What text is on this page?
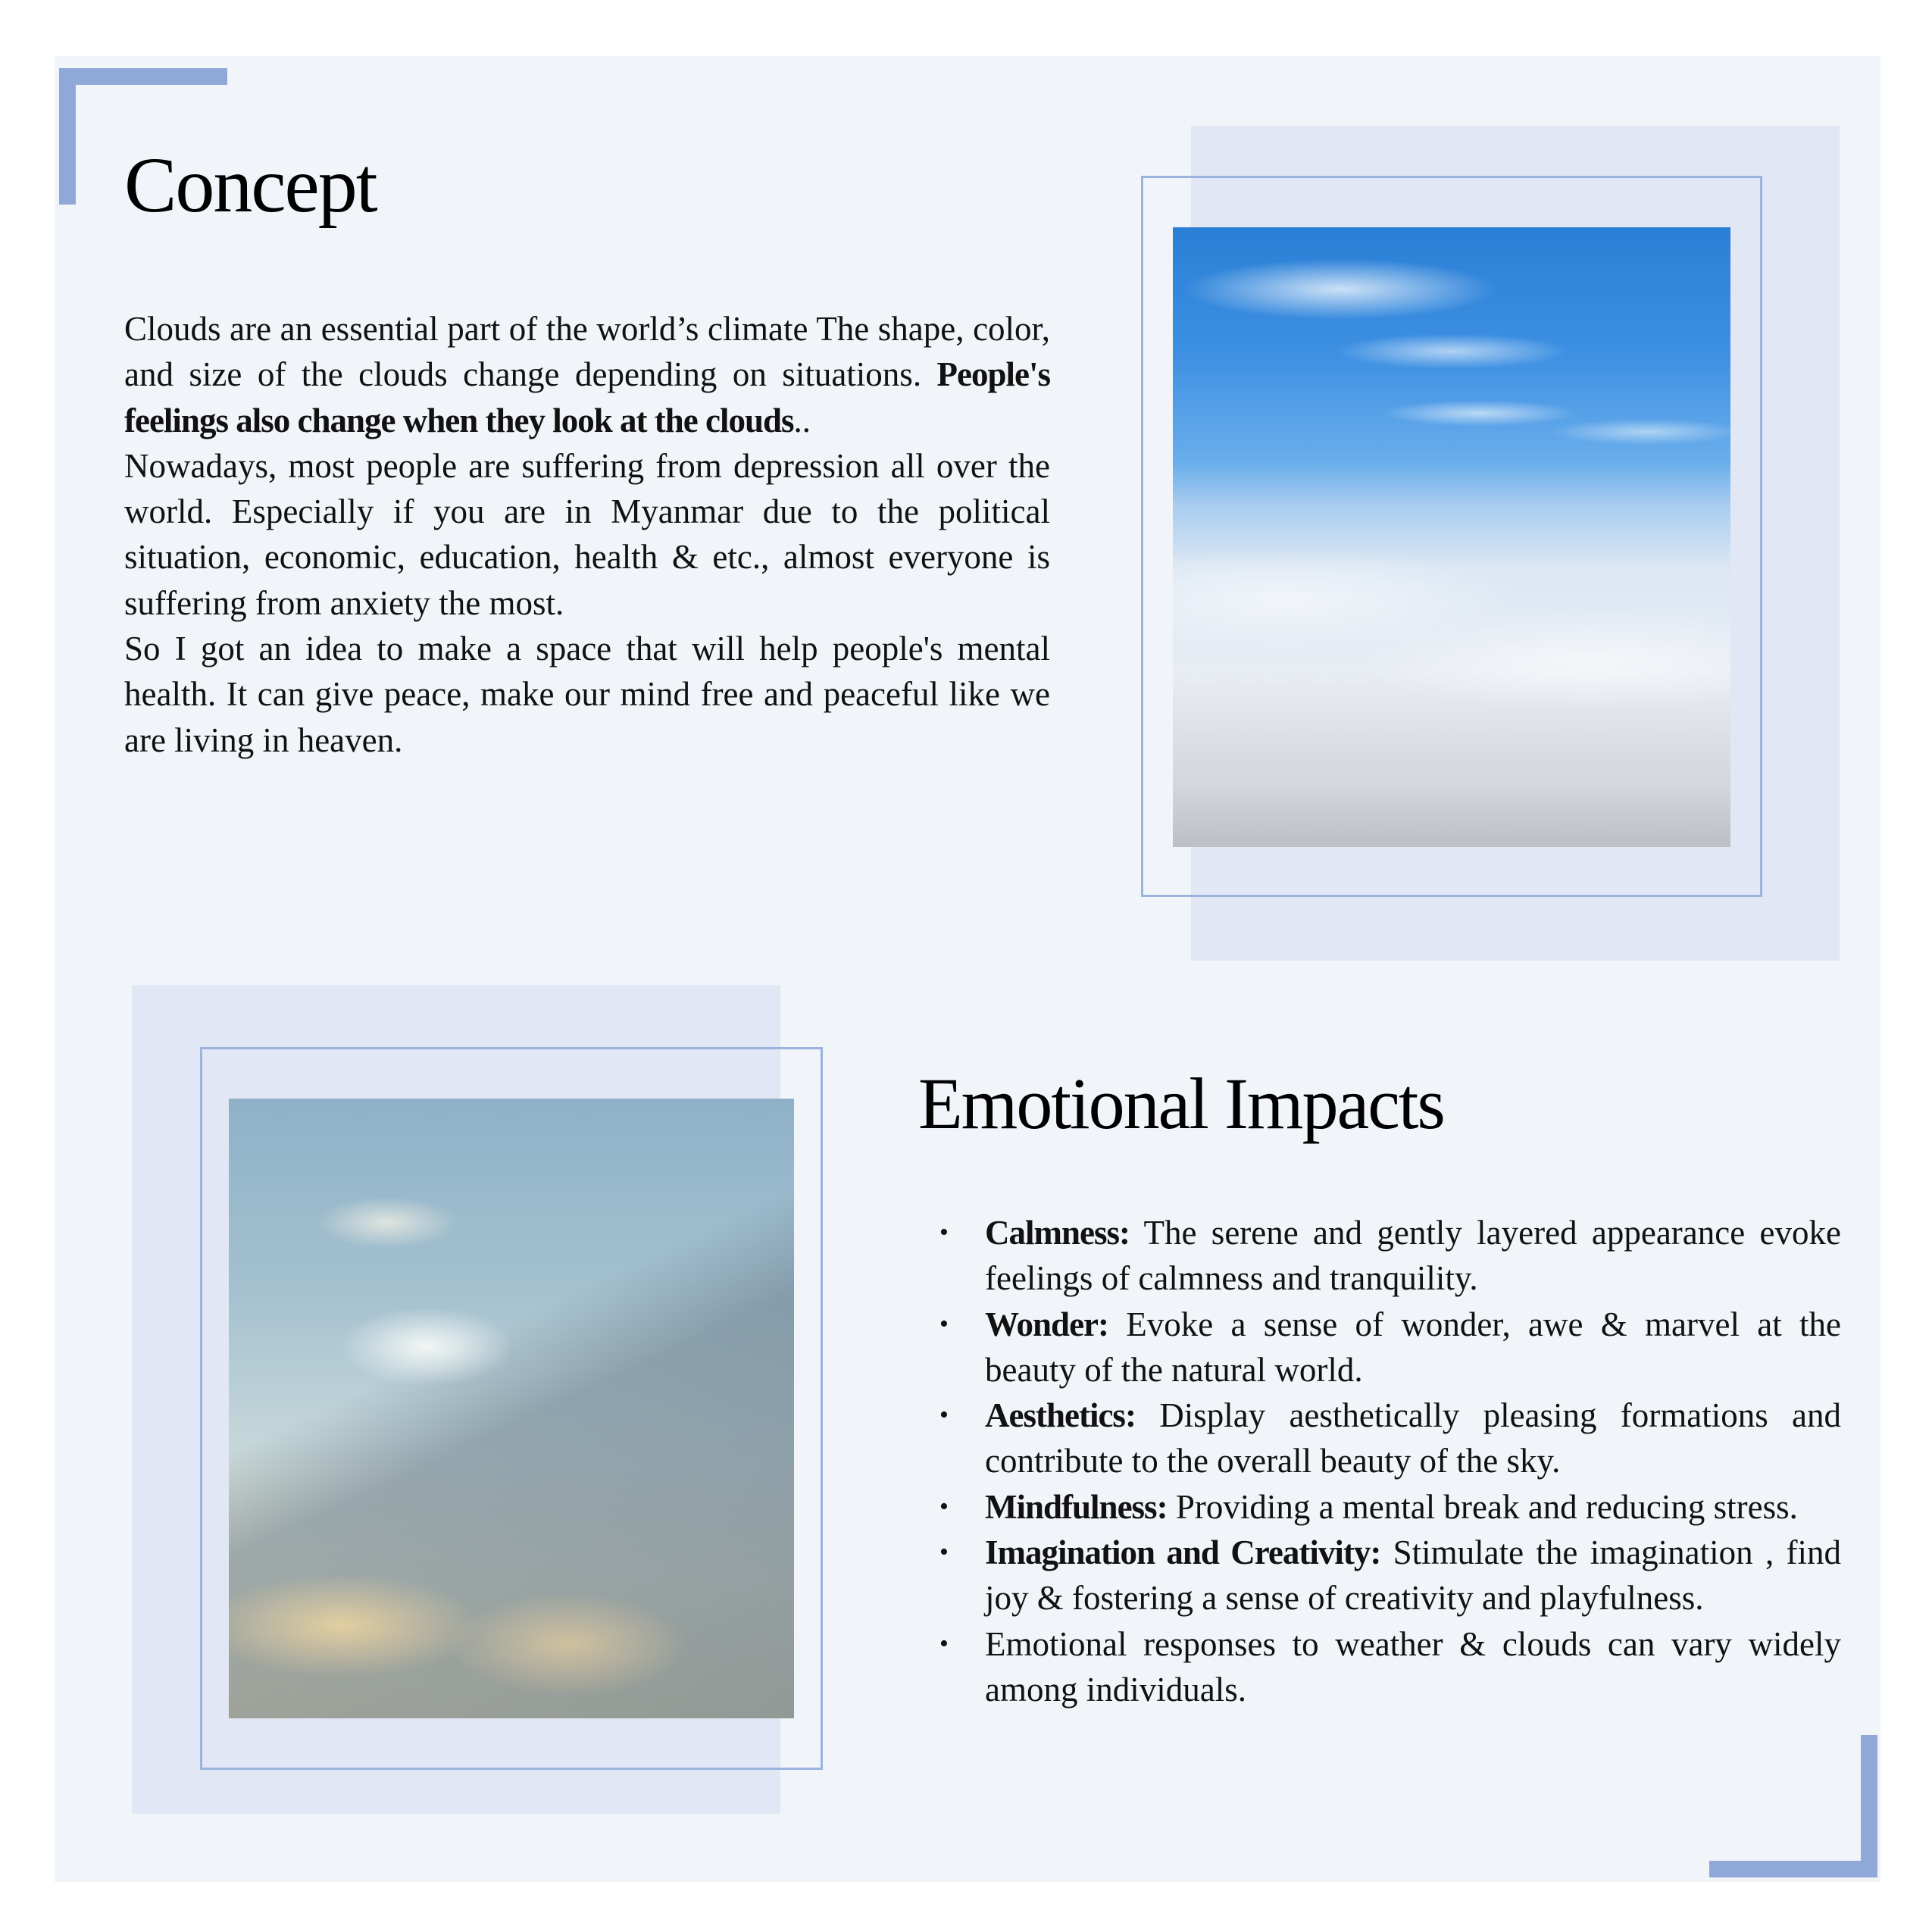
Concept

Clouds are an essential part of the world’s climate The shape, color, and size of the clouds change depending on situations. People's feelings also change when they look at the clouds..

Nowadays, most people are suffering from depression all over the world. Especially if you are in Myanmar due to the political situation, economic, education, health & etc., almost everyone is suffering from anxiety the most.

So I got an idea to make a space that will help people's mental health. It can give peace, make our mind free and peaceful like we are living in heaven.

Emotional Impacts
• Calmness: The serene and gently layered appearance evoke feelings of calmness and tranquility.
• Wonder: Evoke a sense of wonder, awe & marvel at the beauty of the natural world.
• Aesthetics: Display aesthetically pleasing formations and contribute to the overall beauty of the sky.
• Mindfulness: Providing a mental break and reducing stress.
• Imagination and Creativity: Stimulate the imagination , find joy & fostering a sense of creativity and playfulness.
• Emotional responses to weather & clouds can vary widely among individuals.
